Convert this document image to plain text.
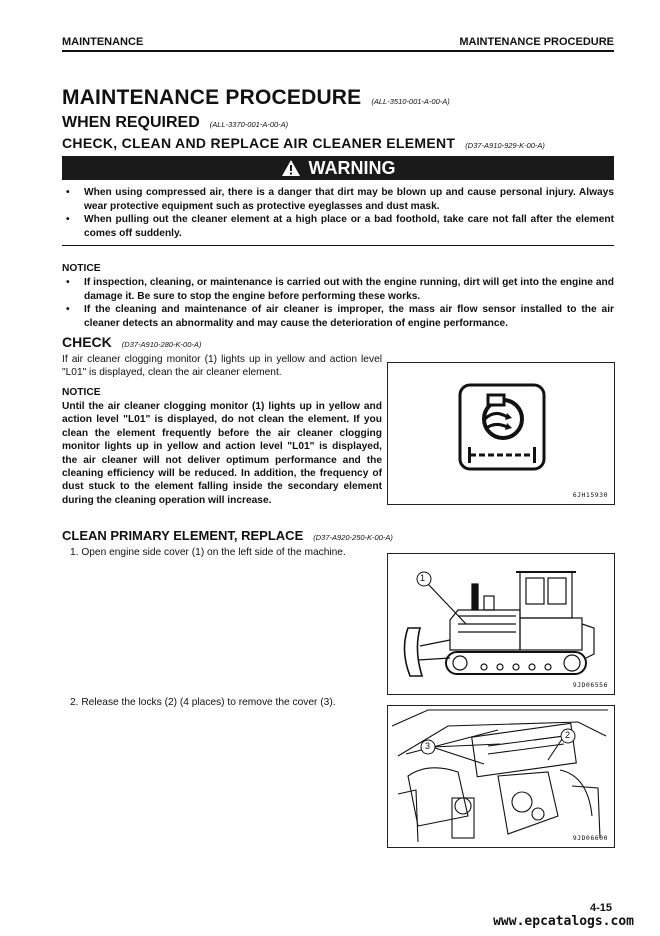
MAINTENANCE	MAINTENANCE PROCEDURE
MAINTENANCE PROCEDURE (ALL-3510-001-A-00-A)
WHEN REQUIRED (ALL-3370-001-A-00-A)
CHECK, CLEAN AND REPLACE AIR CLEANER ELEMENT (D37-A910-929-K-00-A)
WARNING
• When using compressed air, there is a danger that dirt may be blown up and cause personal injury. Always wear protective equipment such as protective eyeglasses and dust mask.
• When pulling out the cleaner element at a high place or a bad foothold, take care not fall after the element comes off suddenly.
NOTICE
• If inspection, cleaning, or maintenance is carried out with the engine running, dirt will get into the engine and damage it. Be sure to stop the engine before performing these works.
• If the cleaning and maintenance of air cleaner is improper, the mass air flow sensor installed to the air cleaner detects an abnormality and may cause the deterioration of engine performance.
CHECK (D37-A910-280-K-00-A)
If air cleaner clogging monitor (1) lights up in yellow and action level "L01" is displayed, clean the air cleaner element.
NOTICE
Until the air cleaner clogging monitor (1) lights up in yellow and action level "L01" is displayed, do not clean the element. If you clean the element frequently before the air cleaner clogging monitor lights up in yellow and action level "L01" is displayed, the air cleaner will not deliver optimum performance and the cleaning efficiency will be reduced. In addition, the frequency of dust stuck to the element falling inside the secondary element during the cleaning operation will increase.	6JH15930
CLEAN PRIMARY ELEMENT, REPLACE (D37-A920-250-K-00-A)
1. Open engine side cover (1) on the left side of the machine.
1
9JD06556
2. Release the locks (2) (4 places) to remove the cover (3).
3
2
9JD06600
4-15
www.epcatalogs.com
